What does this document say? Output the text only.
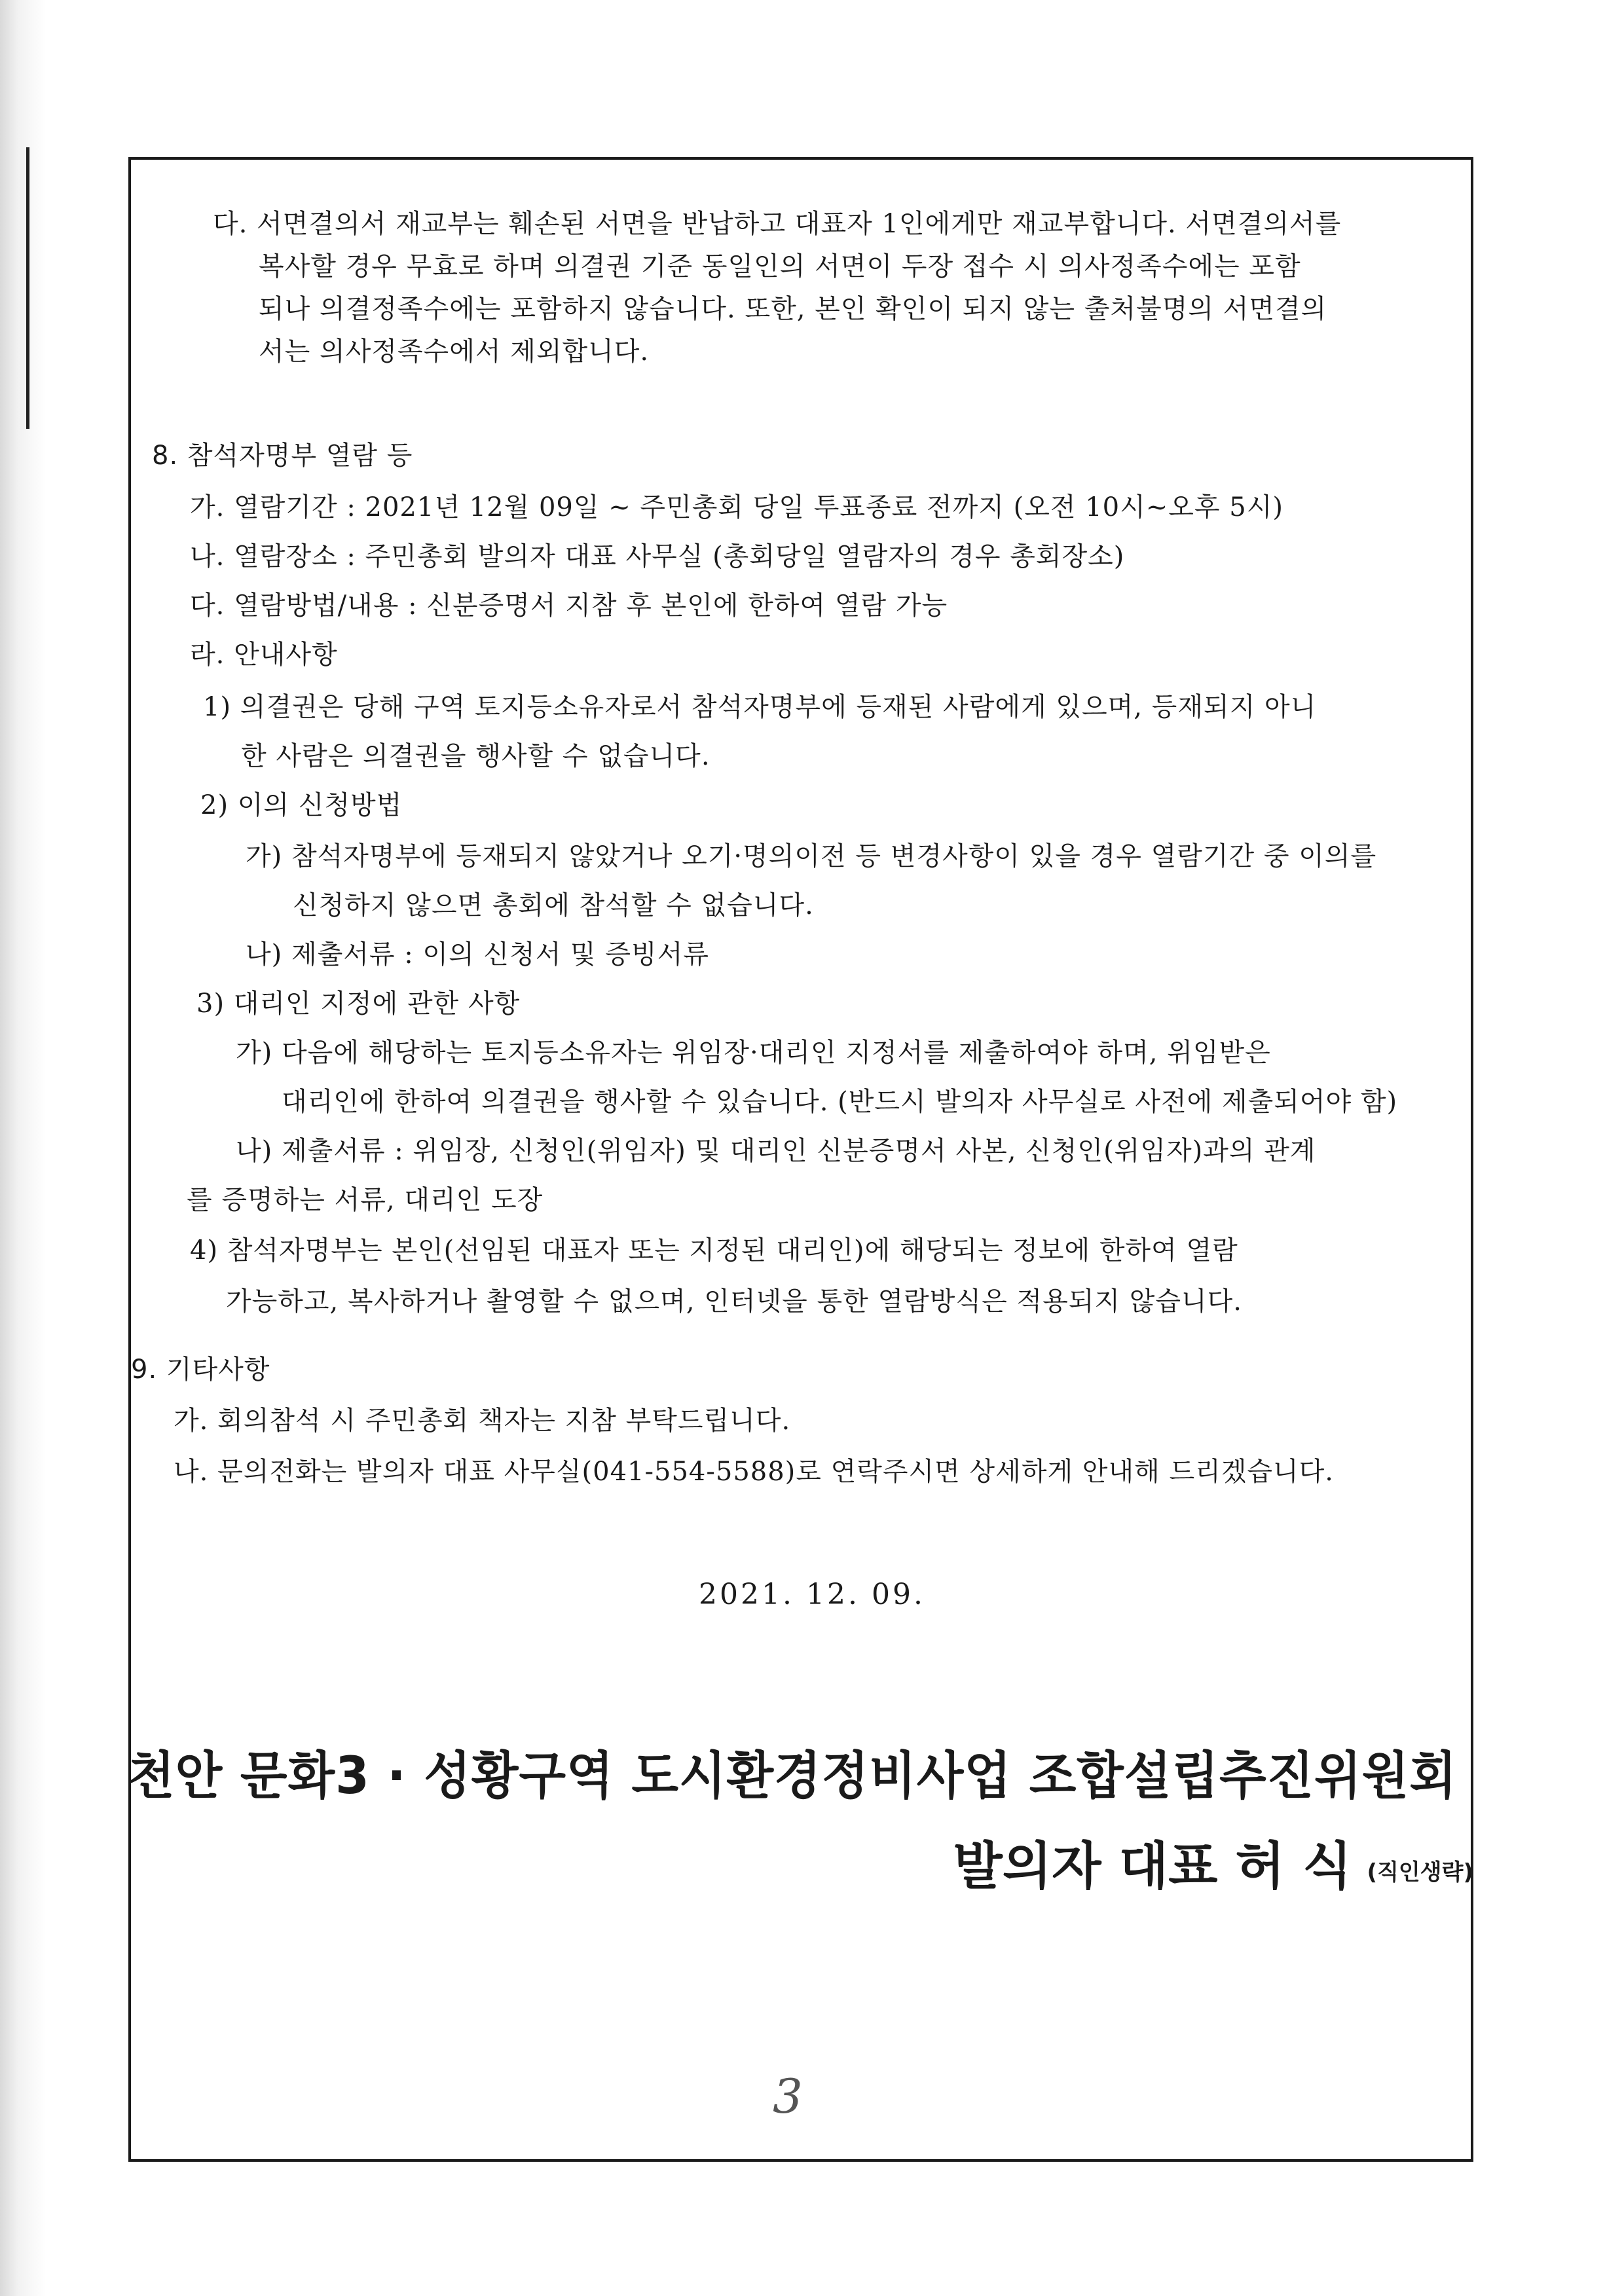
다. 서면결의서 재교부는 훼손된 서면을 반납하고 대표자 1인에게만 재교부합니다. 서면결의서를
복사할 경우 무효로 하며 의결권 기준 동일인의 서면이 두장 접수 시 의사정족수에는 포함
되나 의결정족수에는 포함하지 않습니다. 또한, 본인 확인이 되지 않는 출처불명의 서면결의
서는 의사정족수에서 제외합니다.
8. 참석자명부 열람 등
가. 열람기간 : 2021년 12월 09일 ~ 주민총회 당일 투표종료 전까지 (오전 10시~오후 5시)
나. 열람장소 : 주민총회 발의자 대표 사무실 (총회당일 열람자의 경우 총회장소)
다. 열람방법/내용 : 신분증명서 지참 후 본인에 한하여 열람 가능
라. 안내사항
1) 의결권은 당해 구역 토지등소유자로서 참석자명부에 등재된 사람에게 있으며, 등재되지 아니
한 사람은 의결권을 행사할 수 없습니다.
2) 이의 신청방법
가) 참석자명부에 등재되지 않았거나 오기·명의이전 등 변경사항이 있을 경우 열람기간 중 이의를
신청하지 않으면 총회에 참석할 수 없습니다.
나) 제출서류 : 이의 신청서 및 증빙서류
3) 대리인 지정에 관한 사항
가) 다음에 해당하는 토지등소유자는 위임장·대리인 지정서를 제출하여야 하며, 위임받은
대리인에 한하여 의결권을 행사할 수 있습니다. (반드시 발의자 사무실로 사전에 제출되어야 함)
나) 제출서류 : 위임장, 신청인(위임자) 및 대리인 신분증명서 사본, 신청인(위임자)과의 관계
를 증명하는 서류, 대리인 도장
4) 참석자명부는 본인(선임된 대표자 또는 지정된 대리인)에 해당되는 정보에 한하여 열람
가능하고, 복사하거나 촬영할 수 없으며, 인터넷을 통한 열람방식은 적용되지 않습니다.
9. 기타사항
가. 회의참석 시 주민총회 책자는 지참 부탁드립니다.
나. 문의전화는 발의자 대표 사무실(041-554-5588)로 연락주시면 상세하게 안내해 드리겠습니다.
2021. 12. 09.
천안 문화3 · 성황구역 도시환경정비사업 조합설립추진위원회
발의자 대표 허 식 (직인생략)
3
